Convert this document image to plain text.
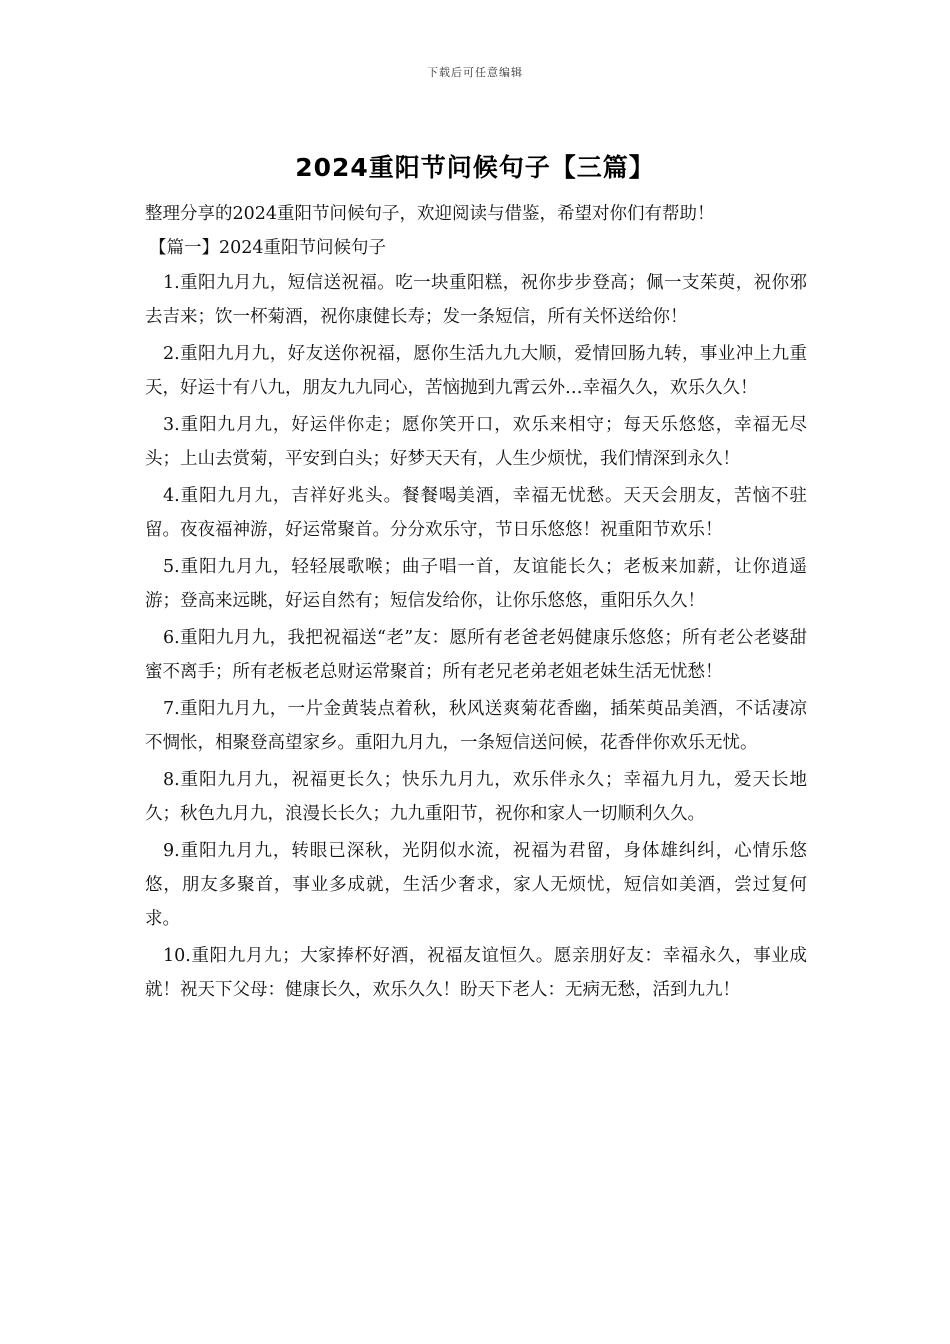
下载后可任意编辑
2024重阳节问候句子【三篇】

整理分享的2024重阳节问候句子，欢迎阅读与借鉴，希望对你们有帮助！

【篇一】2024重阳节问候句子

1.重阳九月九，短信送祝福。吃一块重阳糕，祝你步步登高；佩一支茱萸，祝你邪去吉来；饮一杯菊酒，祝你康健长寿；发一条短信，所有关怀送给你！

2.重阳九月九，好友送你祝福，愿你生活九九大顺，爱情回肠九转，事业冲上九重天，好运十有八九，朋友九九同心，苦恼抛到九霄云外…幸福久久，欢乐久久！

3.重阳九月九，好运伴你走；愿你笑开口，欢乐来相守；每天乐悠悠，幸福无尽头；上山去赏菊，平安到白头；好梦天天有，人生少烦忧，我们情深到永久！

4.重阳九月九，吉祥好兆头。餐餐喝美酒，幸福无忧愁。天天会朋友，苦恼不驻留。夜夜福神游，好运常聚首。分分欢乐守，节日乐悠悠！祝重阳节欢乐！

5.重阳九月九，轻轻展歌喉；曲子唱一首，友谊能长久；老板来加薪，让你逍遥游；登高来远眺，好运自然有；短信发给你，让你乐悠悠，重阳乐久久！

6.重阳九月九，我把祝福送“老”友：愿所有老爸老妈健康乐悠悠；所有老公老婆甜蜜不离手；所有老板老总财运常聚首；所有老兄老弟老姐老妹生活无忧愁！

7.重阳九月九，一片金黄装点着秋，秋风送爽菊花香幽，插茱萸品美酒，不话凄凉不惆怅，相聚登高望家乡。重阳九月九，一条短信送问候，花香伴你欢乐无忧。

8.重阳九月九，祝福更长久；快乐九月九，欢乐伴永久；幸福九月九，爱天长地久；秋色九月九，浪漫长长久；九九重阳节，祝你和家人一切顺利久久。

9.重阳九月九，转眼已深秋，光阴似水流，祝福为君留，身体雄纠纠，心情乐悠悠，朋友多聚首，事业多成就，生活少奢求，家人无烦忧，短信如美酒，尝过复何求。

10.重阳九月九；大家捧杯好酒，祝福友谊恒久。愿亲朋好友：幸福永久，事业成就！祝天下父母：健康长久，欢乐久久！盼天下老人：无病无愁，活到九九！
